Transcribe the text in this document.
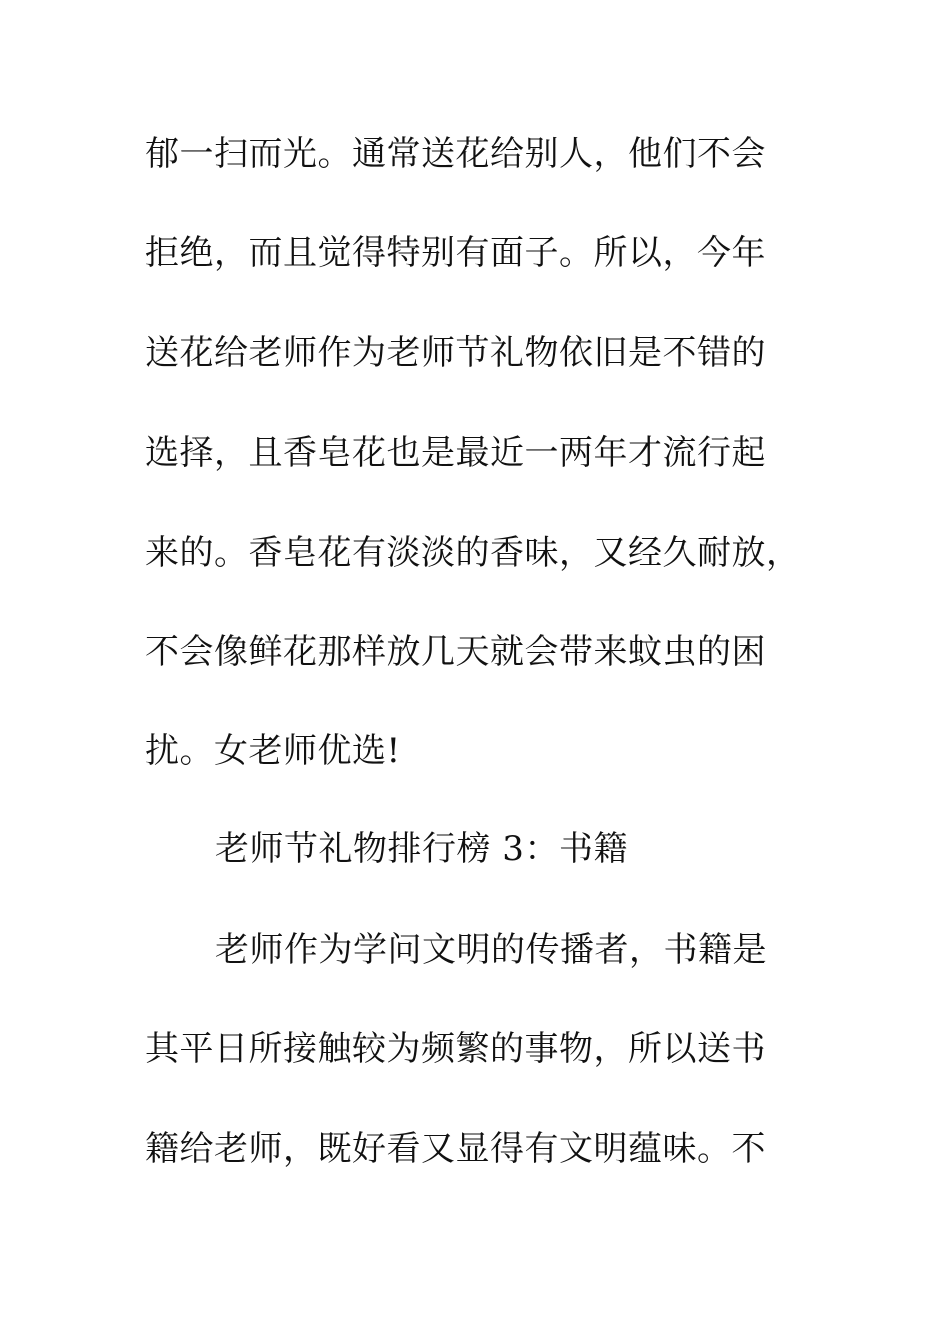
郁一扫而光。通常送花给别人，他们不会
拒绝，而且觉得特别有面子。所以，今年
送花给老师作为老师节礼物依旧是不错的
选择，且香皂花也是最近一两年才流行起
来的。香皂花有淡淡的香味，又经久耐放，
不会像鲜花那样放几天就会带来蚊虫的困
扰。女老师优选!
老师节礼物排行榜 3：书籍
老师作为学问文明的传播者，书籍是
其平日所接触较为频繁的事物，所以送书
籍给老师，既好看又显得有文明蕴味。不
